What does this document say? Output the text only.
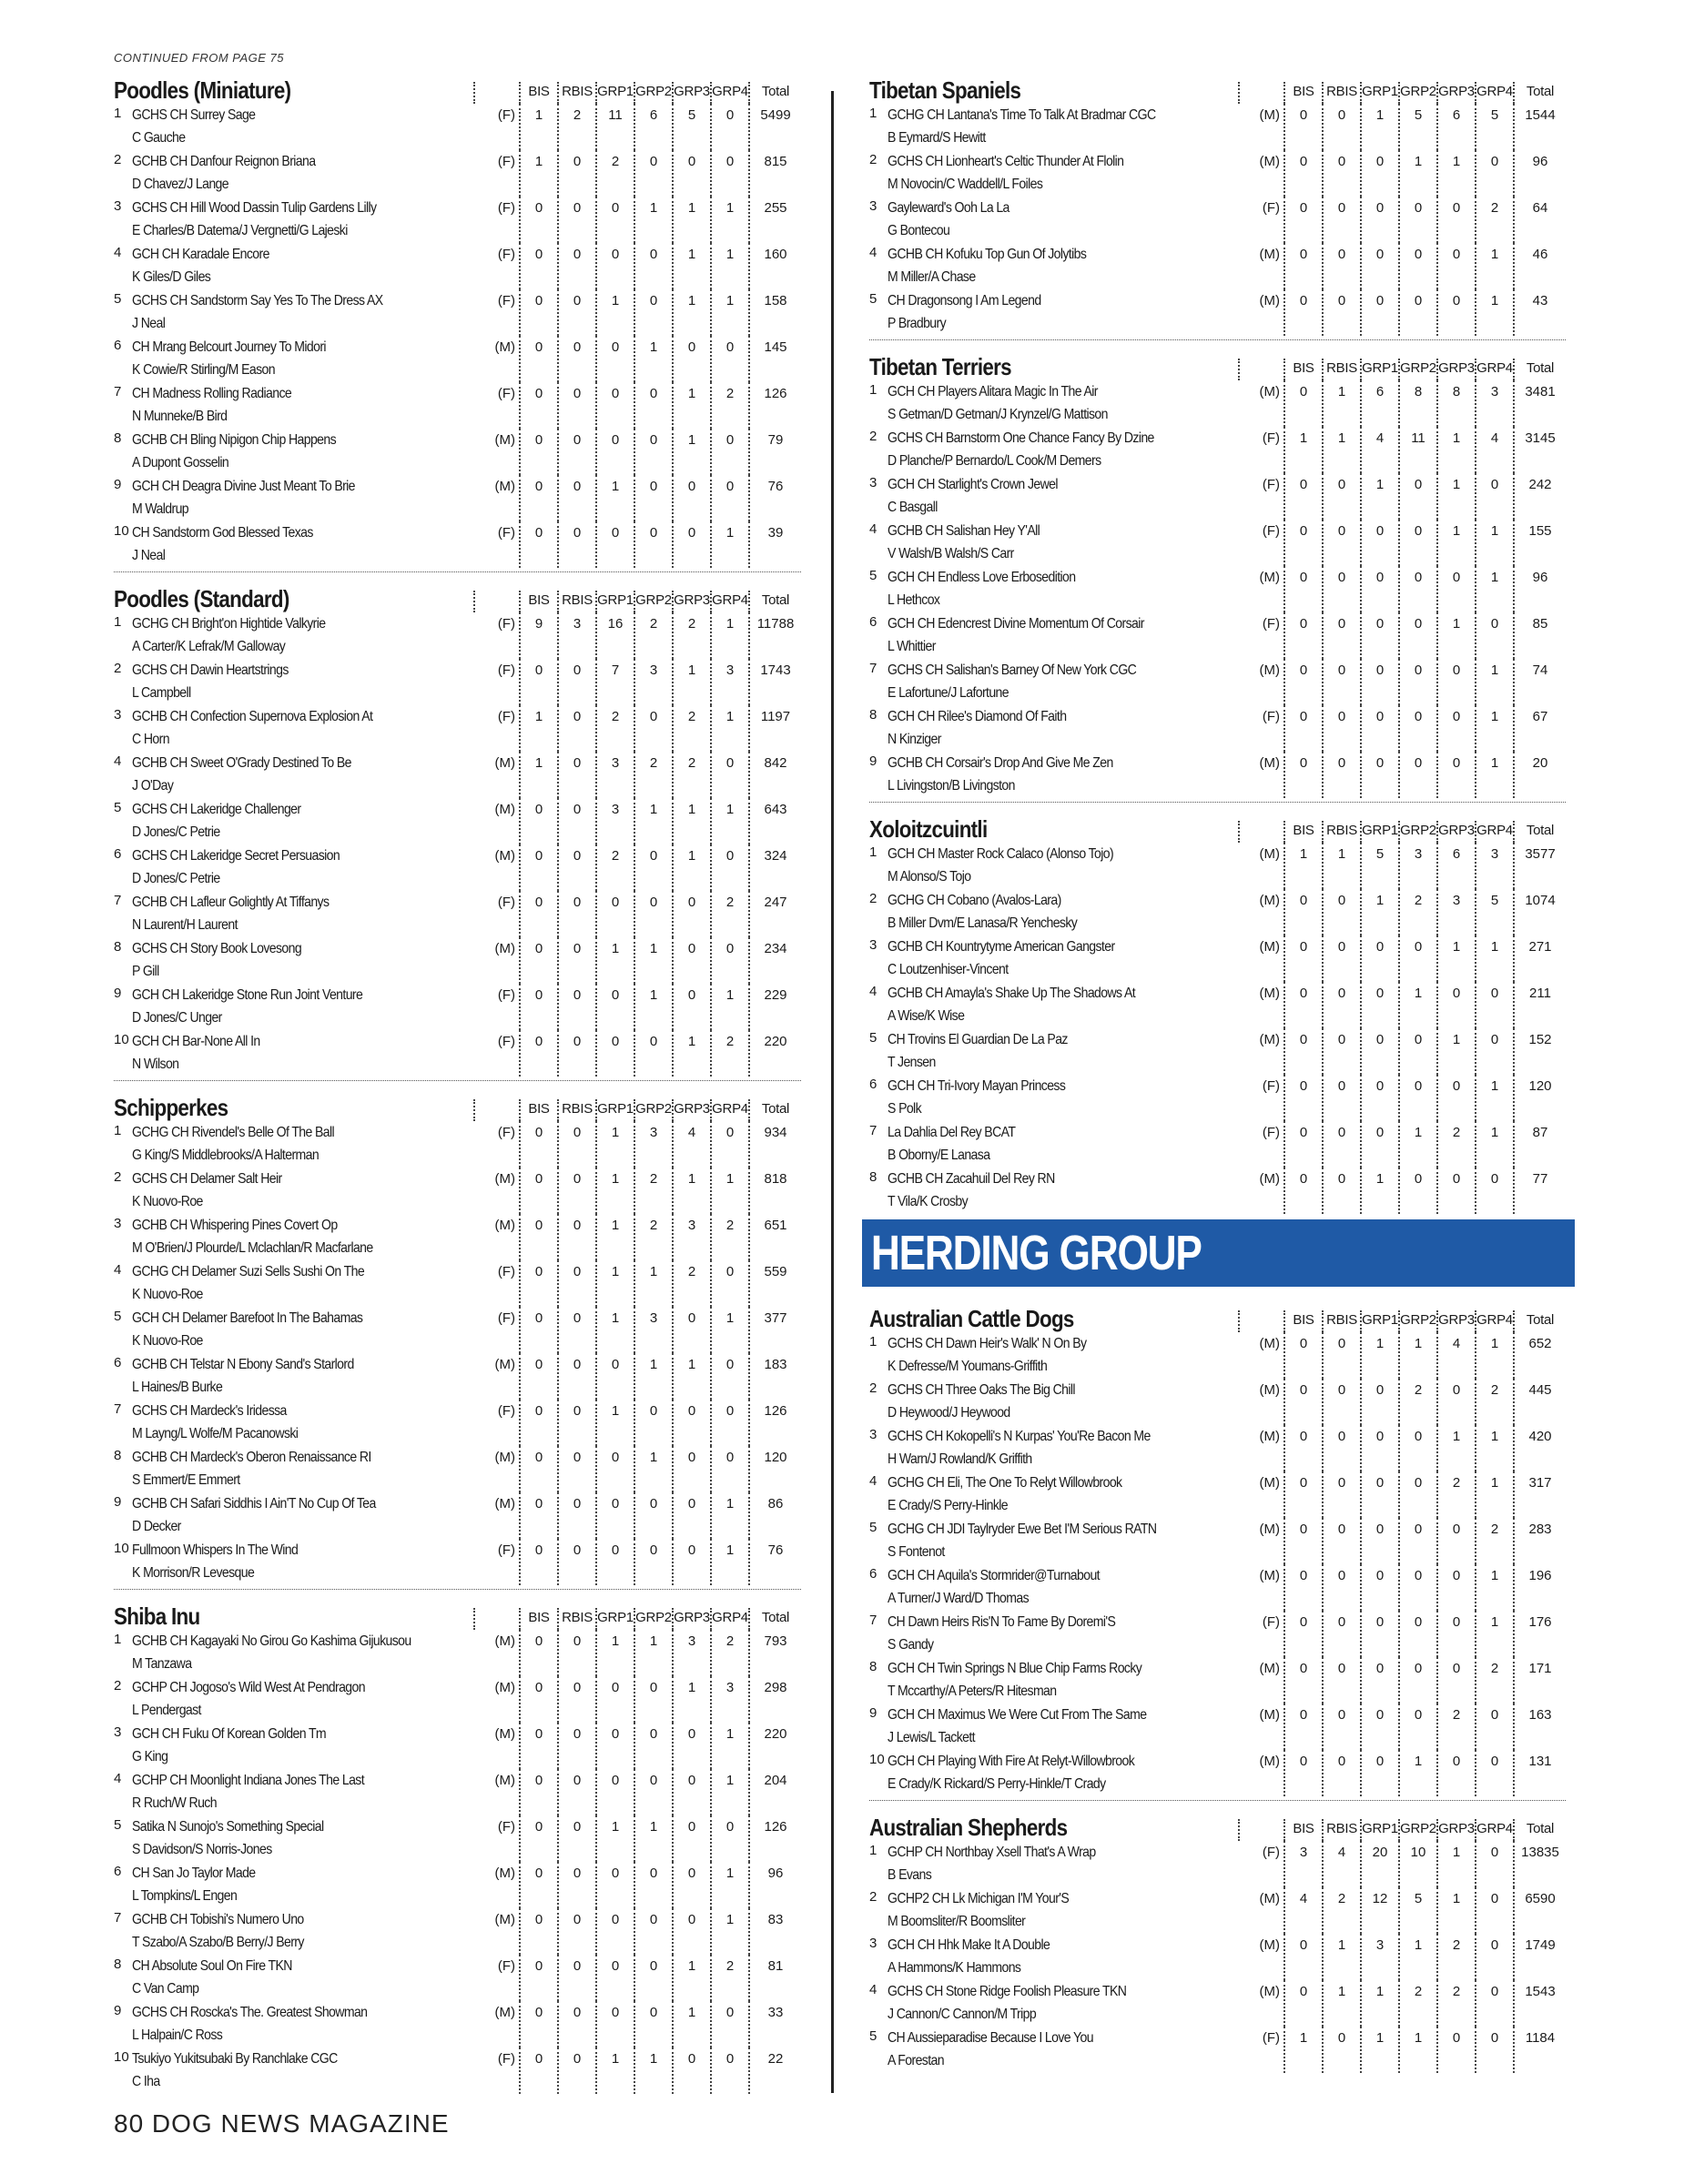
CONTINUED FROM PAGE 75
Poodles (Miniature)	BIS RBIS GRP1 GRP2 GRP3 GRP4	Total
1 GCHS CH Surrey Sage
C Gauche
(F)	1	2	11	6	5	0	5499
2 GCHB CH Danfour Reignon Briana
D Chavez/J Lange
(F)	1	0	2	0	0	0	815
3 GCHS CH Hill Wood Dassin Tulip Gardens Lilly
E Charles/B Datema/J Vergnetti/G Lajeski
(F)	0	0	0	1	1	1	255
4 GCH CH Karadale Encore
K Giles/D Giles
(F)	0	0	0	0	1	1	160
5 GCHS CH Sandstorm Say Yes To The Dress AX
J Neal
(F)	0	0	1	0	1	1	158
6 CH Mrang Belcourt Journey To Midori
K Cowie/R Stirling/M Eason
(M)	0	0	0	1	0	0	145
7 CH Madness Rolling Radiance
N Munneke/B Bird
(F)	0	0	0	0	1	2	126
8 GCHB CH Bling Nipigon Chip Happens
A Dupont Gosselin
(M)	0	0	0	0	1	0	79
9 GCH CH Deagra Divine Just Meant To Brie
M Waldrup
(M)	0	0	1	0	0	0	76
10 CH Sandstorm God Blessed Texas
J Neal
(F)	0	0	0	0	0	1	39
Poodles (Standard)	BIS RBIS GRP1 GRP2 GRP3 GRP4	Total
1 GCHG CH Bright'on Hightide Valkyrie
A Carter/K Lefrak/M Galloway
(F)	9	3	16	2	2	1	11788
2 GCHS CH Dawin Heartstrings
L Campbell
(F)	0	0	7	3	1	3	1743
3 GCHB CH Confection Supernova Explosion At
C Horn
(F)	1	0	2	0	2	1	1197
4 GCHB CH Sweet O'Grady Destined To Be
J O'Day
(M)	1	0	3	2	2	0	842
5 GCHS CH Lakeridge Challenger
D Jones/C Petrie
(M)	0	0	3	1	1	1	643
6 GCHS CH Lakeridge Secret Persuasion
D Jones/C Petrie
(M)	0	0	2	0	1	0	324
7 GCHB CH Lafleur Golightly At Tiffanys
N Laurent/H Laurent
(F)	0	0	0	0	0	2	247
8 GCHS CH Story Book Lovesong
P Gill
(M)	0	0	1	1	0	0	234
9 GCH CH Lakeridge Stone Run Joint Venture
D Jones/C Unger
(F)	0	0	0	1	0	1	229
10 GCH CH Bar-None All In
N Wilson
(F)	0	0	0	0	1	2	220
Schipperkes	BIS RBIS GRP1 GRP2 GRP3 GRP4	Total
1 GCHG CH Rivendel's Belle Of The Ball
G King/S Middlebrooks/A Halterman
(F)	0	0	1	3	4	0	934
2 GCHS CH Delamer Salt Heir
K Nuovo-Roe
(M)	0	0	1	2	1	1	818
3 GCHB CH Whispering Pines Covert Op
M O'Brien/J Plourde/L Mclachlan/R Macfarlane
(M)	0	0	1	2	3	2	651
4 GCHG CH Delamer Suzi Sells Sushi On The
K Nuovo-Roe
(F)	0	0	1	1	2	0	559
5 GCH CH Delamer Barefoot In The Bahamas
K Nuovo-Roe
(F)	0	0	1	3	0	1	377
6 GCHB CH Telstar N Ebony Sand's Starlord
L Haines/B Burke
(M)	0	0	0	1	1	0	183
7 GCHS CH Mardeck's Iridessa
M Layng/L Wolfe/M Pacanowski
(F)	0	0	1	0	0	0	126
8 GCHB CH Mardeck's Oberon Renaissance RI
S Emmert/E Emmert
(M)	0	0	0	1	0	0	120
9 GCHB CH Safari Siddhis I Ain'T No Cup Of Tea
D Decker
(M)	0	0	0	0	0	1	86
10 Fullmoon Whispers In The Wind
K Morrison/R Levesque
(F)	0	0	0	0	0	1	76
Shiba Inu	BIS RBIS GRP1 GRP2 GRP3 GRP4	Total
1 GCHB CH Kagayaki No Girou Go Kashima Gijukusou
M Tanzawa
(M)	0	0	1	1	3	2	793
2 GCHP CH Jogoso's Wild West At Pendragon
L Pendergast
(M)	0	0	0	0	1	3	298
3 GCH CH Fuku Of Korean Golden Tm
G King
(M)	0	0	0	0	0	1	220
4 GCHP CH Moonlight Indiana Jones The Last
R Ruch/W Ruch
(M)	0	0	0	0	0	1	204
5 Satika N Sunojo's Something Special
S Davidson/S Norris-Jones
(F)	0	0	1	1	0	0	126
6 CH San Jo Taylor Made
L Tompkins/L Engen
(M)	0	0	0	0	0	1	96
7 GCHB CH Tobishi's Numero Uno
T Szabo/A Szabo/B Berry/J Berry
(M)	0	0	0	0	0	1	83
8 CH Absolute Soul On Fire TKN
C Van Camp
(F)	0	0	0	0	1	2	81
9 GCHS CH Roscka's The. Greatest Showman
L Halpain/C Ross
(M)	0	0	0	0	1	0	33
10 Tsukiyo Yukitsubaki By Ranchlake CGC
C Iha
(F)	0	0	1	1	0	0	22
Tibetan Spaniels	BIS RBIS GRP1 GRP2 GRP3 GRP4	Total
1 GCHG CH Lantana's Time To Talk At Bradmar CGC
B Eymard/S Hewitt
(M)	0	0	1	5	6	5	1544
2 GCHS CH Lionheart's Celtic Thunder At Flolin
M Novocin/C Waddell/L Foiles
(M)	0	0	0	1	1	0	96
3 Gayleward's Ooh La La
G Bontecou
(F)	0	0	0	0	0	2	64
4 GCHB CH Kofuku Top Gun Of Jolytibs
M Miller/A Chase
(M)	0	0	0	0	0	1	46
5 CH Dragonsong I Am Legend
P Bradbury
(M)	0	0	0	0	0	1	43
Tibetan Terriers	BIS RBIS GRP1 GRP2 GRP3 GRP4	Total
1 GCH CH Players Alitara Magic In The Air
S Getman/D Getman/J Krynzel/G Mattison
(M)	0	1	6	8	8	3	3481
2 GCHS CH Barnstorm One Chance Fancy By Dzine
D Planche/P Bernardo/L Cook/M Demers
(F)	1	1	4	11	1	4	3145
3 GCH CH Starlight's Crown Jewel
C Basgall
(F)	0	0	1	0	1	0	242
4 GCHB CH Salishan Hey Y'All
V Walsh/B Walsh/S Carr
(F)	0	0	0	0	1	1	155
5 GCH CH Endless Love Erbosedition
L Hethcox
(M)	0	0	0	0	0	1	96
6 GCH CH Edencrest Divine Momentum Of Corsair
L Whittier
(F)	0	0	0	0	1	0	85
7 GCHS CH Salishan's Barney Of New York CGC
E Lafortune/J Lafortune
(M)	0	0	0	0	0	1	74
8 GCH CH Rilee's Diamond Of Faith
N Kinziger
(F)	0	0	0	0	0	1	67
9 GCHB CH Corsair's Drop And Give Me Zen
L Livingston/B Livingston
(M)	0	0	0	0	0	1	20
Xoloitzcuintli	BIS RBIS GRP1 GRP2 GRP3 GRP4	Total
1 GCH CH Master Rock Calaco (Alonso Tojo)
M Alonso/S Tojo
(M)	1	1	5	3	6	3	3577
2 GCHG CH Cobano (Avalos-Lara)
B Miller Dvm/E Lanasa/R Yenchesky
(M)	0	0	1	2	3	5	1074
3 GCHB CH Kountrytyme American Gangster
C Loutzenhiser-Vincent
(M)	0	0	0	0	1	1	271
4 GCHB CH Amayla's Shake Up The Shadows At
A Wise/K Wise
(M)	0	0	0	1	0	0	211
5 CH Trovins El Guardian De La Paz
T Jensen
(M)	0	0	0	0	1	0	152
6 GCH CH Tri-Ivory Mayan Princess
S Polk
(F)	0	0	0	0	0	1	120
7 La Dahlia Del Rey BCAT
B Oborny/E Lanasa
(F)	0	0	0	1	2	1	87
8 GCHB CH Zacahuil Del Rey RN
T Vila/K Crosby
(M)	0	0	1	0	0	0	77
HERDING GROUP
Australian Cattle Dogs	BIS RBIS GRP1 GRP2 GRP3 GRP4	Total
1 GCHS CH Dawn Heir's Walk' N On By
K Defresse/M Youmans-Griffith
(M)	0	0	1	1	4	1	652
2 GCHS CH Three Oaks The Big Chill
D Heywood/J Heywood
(M)	0	0	0	2	0	2	445
3 GCHS CH Kokopelli's N Kurpas' You'Re Bacon Me
H Warn/J Rowland/K Griffith
(M)	0	0	0	0	1	1	420
4 GCHG CH Eli, The One To Relyt Willowbrook
E Crady/S Perry-Hinkle
(M)	0	0	0	0	2	1	317
5 GCHG CH JDI Taylryder Ewe Bet I'M Serious RATN
S Fontenot
(M)	0	0	0	0	0	2	283
6 GCH CH Aquila's Stormrider@Turnabout
A Turner/J Ward/D Thomas
(M)	0	0	0	0	0	1	196
7 CH Dawn Heirs Ris'N To Fame By Doremi'S
S Gandy
(F)	0	0	0	0	0	1	176
8 GCH CH Twin Springs N Blue Chip Farms Rocky
T Mccarthy/A Peters/R Hitesman
(M)	0	0	0	0	0	2	171
9 GCH CH Maximus We Were Cut From The Same
J Lewis/L Tackett
(M)	0	0	0	0	2	0	163
10 GCH CH Playing With Fire At Relyt-Willowbrook
E Crady/K Rickard/S Perry-Hinkle/T Crady
(M)	0	0	0	1	0	0	131
Australian Shepherds	BIS RBIS GRP1 GRP2 GRP3 GRP4	Total
1 GCHP CH Northbay Xsell That's A Wrap
B Evans
(F)	3	4	20	10	1	0	13835
2 GCHP2 CH Lk Michigan I'M Your'S
M Boomsliter/R Boomsliter
(M)	4	2	12	5	1	0	6590
3 GCH CH Hhk Make It A Double
A Hammons/K Hammons
(M)	0	1	3	1	2	0	1749
4 GCHS CH Stone Ridge Foolish Pleasure TKN
J Cannon/C Cannon/M Tripp
(M)	0	1	1	2	2	0	1543
5 CH Aussieparadise Because I Love You
A Forestan
(F)	1	0	1	1	0	0	1184
80 DOG NEWS MAGAZINE
